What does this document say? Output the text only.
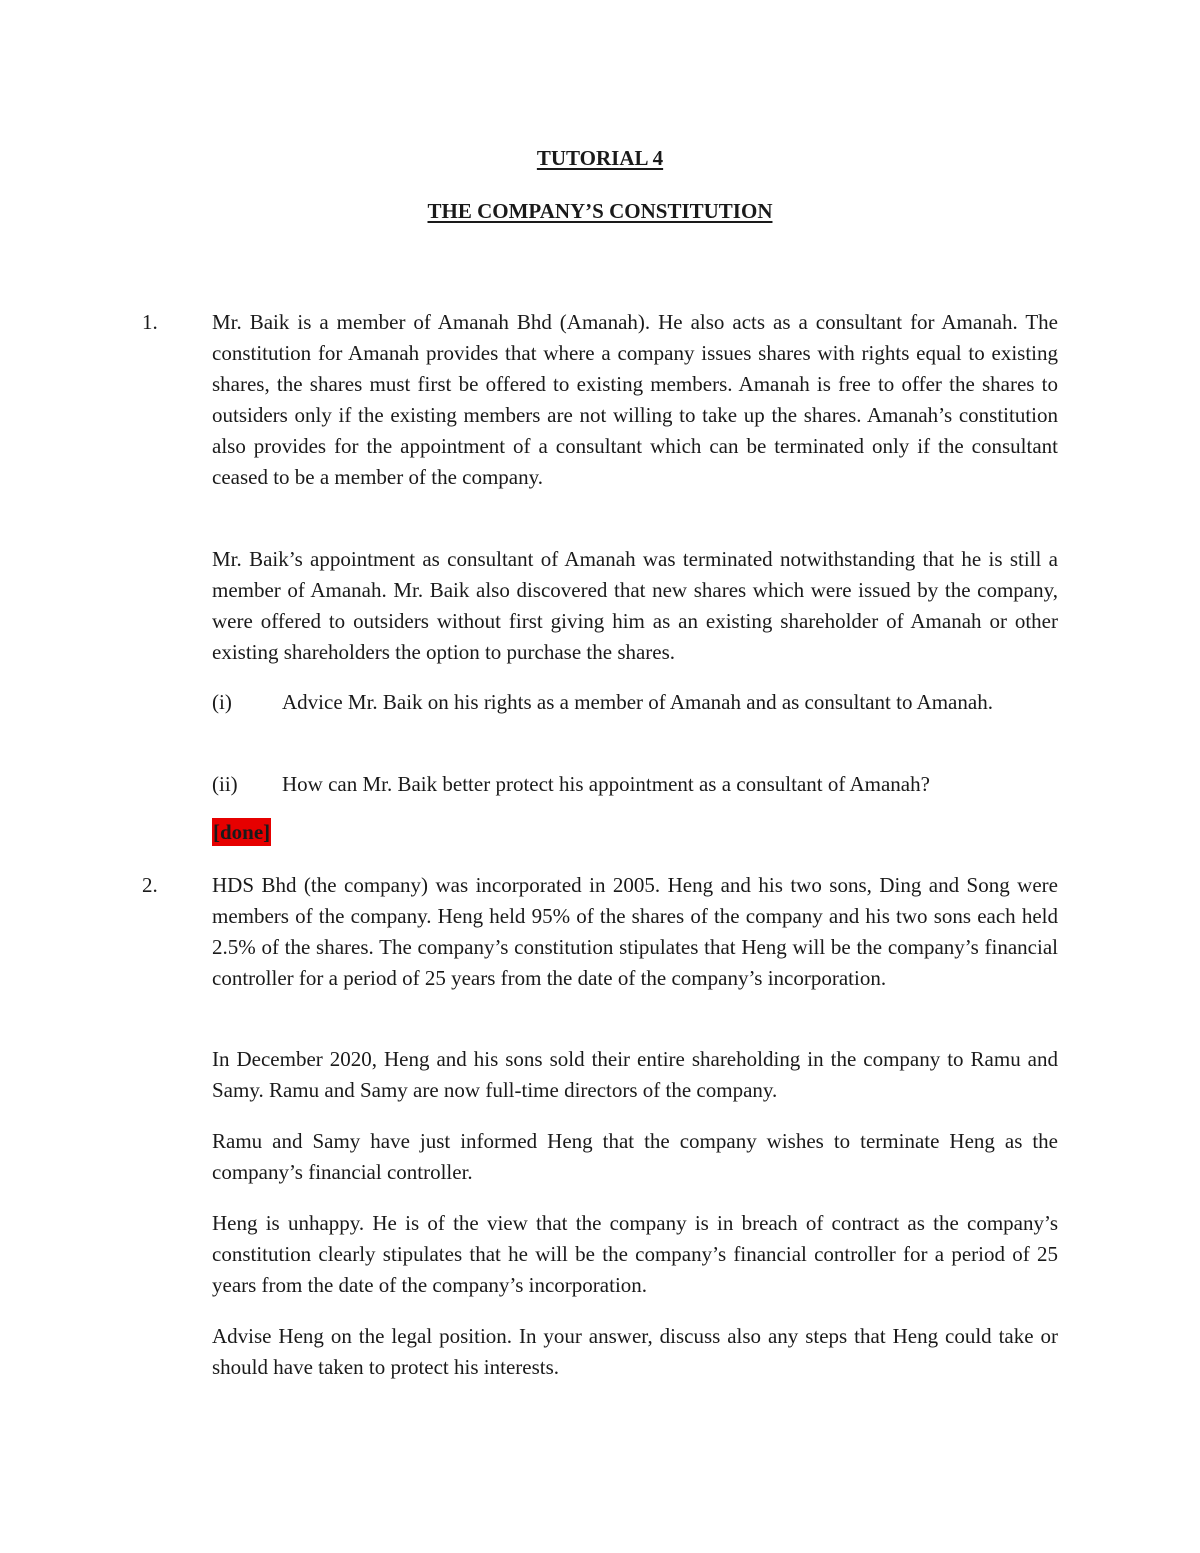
TUTORIAL 4
THE COMPANY’S CONSTITUTION
1.	Mr. Baik is a member of Amanah Bhd (Amanah). He also acts as a consultant for Amanah. The constitution for Amanah provides that where a company issues shares with rights equal to existing shares, the shares must first be offered to existing members. Amanah is free to offer the shares to outsiders only if the existing members are not willing to take up the shares. Amanah’s constitution also provides for the appointment of a consultant which can be terminated only if the consultant ceased to be a member of the company.

Mr. Baik’s appointment as consultant of Amanah was terminated notwithstanding that he is still a member of Amanah. Mr. Baik also discovered that new shares which were issued by the company, were offered to outsiders without first giving him as an existing shareholder of Amanah or other existing shareholders the option to purchase the shares.

(i) Advice Mr. Baik on his rights as a member of Amanah and as consultant to Amanah.

(ii) How can Mr. Baik better protect his appointment as a consultant of Amanah?

[done]
2.	HDS Bhd (the company) was incorporated in 2005. Heng and his two sons, Ding and Song were members of the company. Heng held 95% of the shares of the company and his two sons each held 2.5% of the shares. The company’s constitution stipulates that Heng will be the company’s financial controller for a period of 25 years from the date of the company’s incorporation.

In December 2020, Heng and his sons sold their entire shareholding in the company to Ramu and Samy. Ramu and Samy are now full-time directors of the company.

Ramu and Samy have just informed Heng that the company wishes to terminate Heng as the company’s financial controller.

Heng is unhappy. He is of the view that the company is in breach of contract as the company’s constitution clearly stipulates that he will be the company’s financial controller for a period of 25 years from the date of the company’s incorporation.

Advise Heng on the legal position. In your answer, discuss also any steps that Heng could take or should have taken to protect his interests.
